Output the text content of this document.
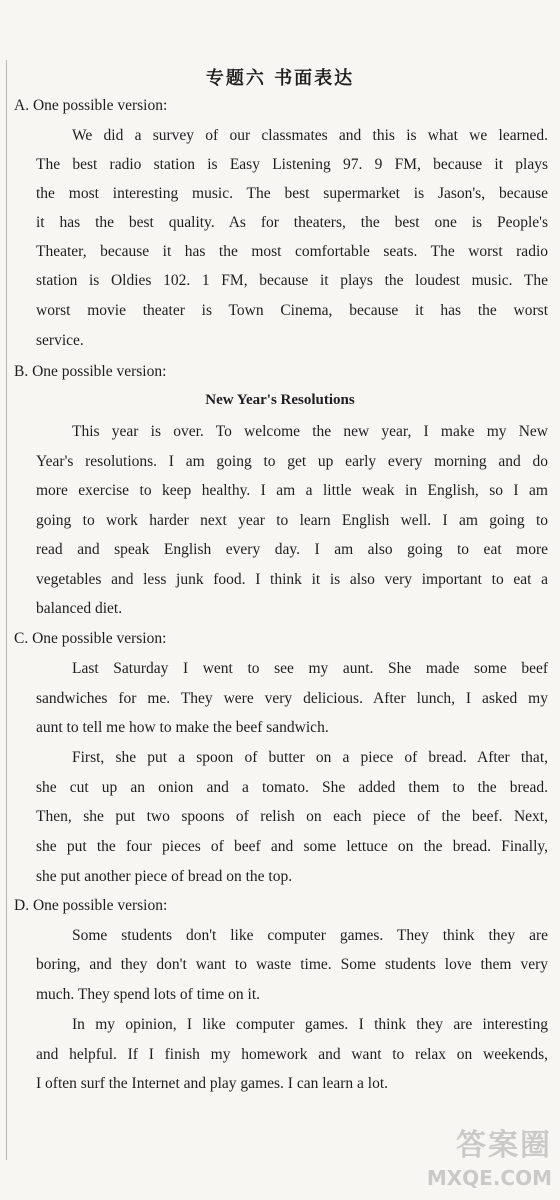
专题六 书面表达
A. One possible version:
We did a survey of our classmates and this is what we learned.
The best radio station is Easy Listening 97. 9 FM, because it plays
the most interesting music. The best supermarket is Jason's, because
it has the best quality. As for theaters, the best one is People's
Theater, because it has the most comfortable seats. The worst radio
station is Oldies 102. 1 FM, because it plays the loudest music. The
worst movie theater is Town Cinema, because it has the worst
service.
B. One possible version:
New Year's Resolutions
This year is over. To welcome the new year, I make my New
Year's resolutions. I am going to get up early every morning and do
more exercise to keep healthy. I am a little weak in English, so I am
going to work harder next year to learn English well. I am going to
read and speak English every day. I am also going to eat more
vegetables and less junk food. I think it is also very important to eat a
balanced diet.
C. One possible version:
Last Saturday I went to see my aunt. She made some beef
sandwiches for me. They were very delicious. After lunch, I asked my
aunt to tell me how to make the beef sandwich.
First, she put a spoon of butter on a piece of bread. After that,
she cut up an onion and a tomato. She added them to the bread.
Then, she put two spoons of relish on each piece of the beef. Next,
she put the four pieces of beef and some lettuce on the bread. Finally,
she put another piece of bread on the top.
D. One possible version:
Some students don't like computer games. They think they are
boring, and they don't want to waste time. Some students love them very
much. They spend lots of time on it.
In my opinion, I like computer games. I think they are interesting
and helpful. If I finish my homework and want to relax on weekends,
I often surf the Internet and play games. I can learn a lot.
答案圈
MXQE.COM
